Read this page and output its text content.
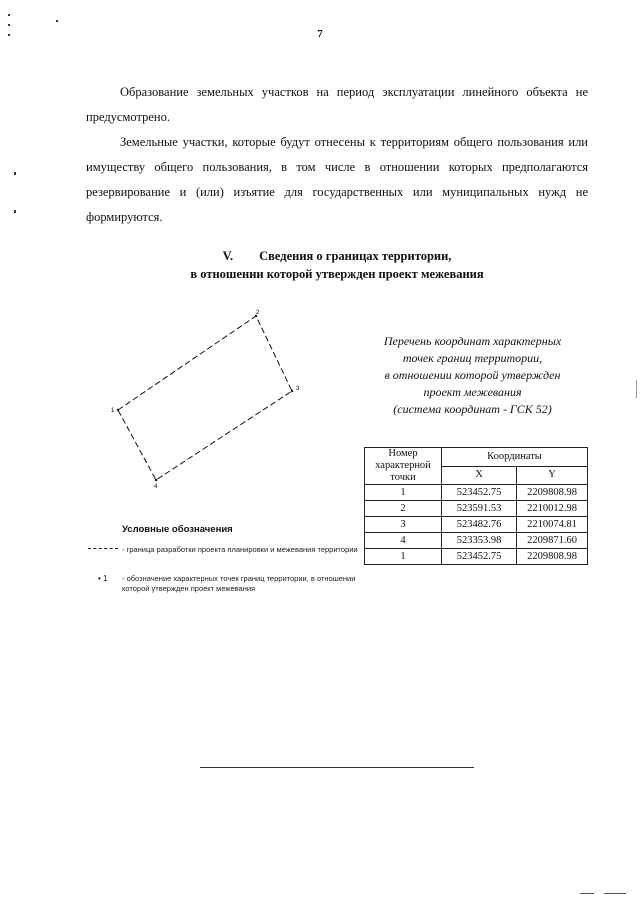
7

Образование земельных участков на период эксплуатации линейного объекта не предусмотрено.

Земельные участки, которые будут отнесены к территориям общего пользования или имуществу общего пользования, в том числе в отношении которых предполагаются резервирование и (или) изъятие для государственных или муниципальных нужд не формируются.

V. Сведения о границах территории,
в отношении которой утвержден проект межевания
1
2
3
4
Перечень координат характерных
точек границ территории,
в отношении которой утвержден
проект межевания
(система координат - ГСК 52)
Номер характерной точки	Координаты	
	X	Y
1	523452.75	2209808.98
2	523591.53	2210012.98
3	523482.76	2210074.81
4	523353.98	2209871.60
1	523452.75	2209808.98
Условные обозначения
- граница разработки проекта планировки и межевания территории
• 1 - обозначение характерных точек границ территории, в отношении которой утвержден проект межевания
